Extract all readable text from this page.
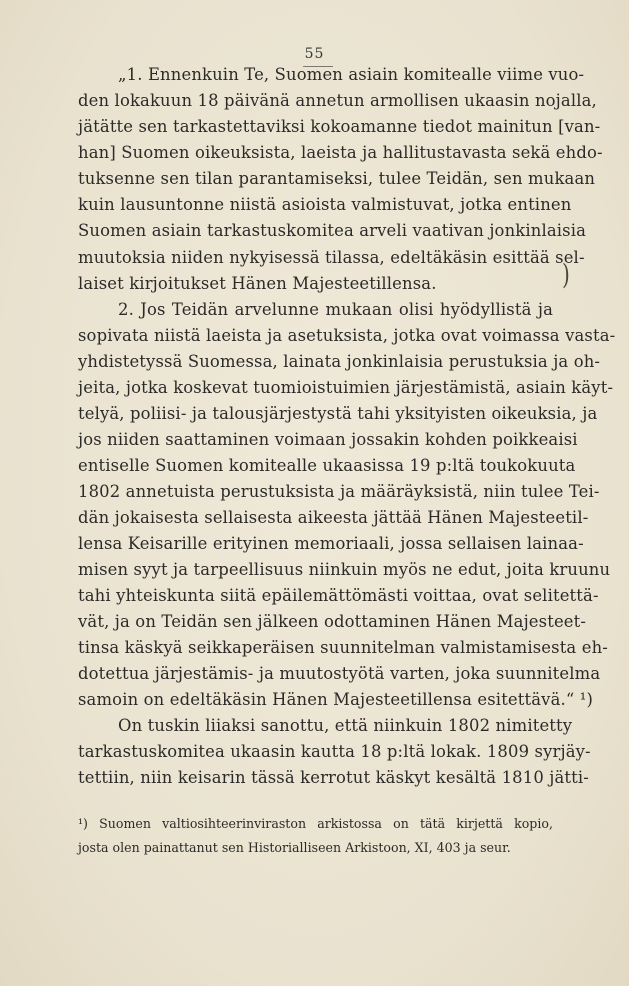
55
„1. Ennenkuin Te, Suomen asiain komitealle viime vuo-
den lokakuun 18 päivänä annetun armollisen ukaasin nojalla,
jätätte sen tarkastettaviksi kokoamanne tiedot mainitun [van-
han] Suomen oikeuksista, laeista ja hallitustavasta sekä ehdo-
tuksenne sen tilan parantamiseksi, tulee Teidän, sen mukaan
kuin lausuntonne niistä asioista valmistuvat, jotka entinen
Suomen asiain tarkastuskomitea arveli vaativan jonkinlaisia
muutoksia niiden nykyisessä tilassa, edeltäkäsin esittää sel-
laiset kirjoitukset Hänen Majesteetillensa.
2. Jos Teidän arvelunne mukaan olisi hyödyllistä ja
sopivata niistä laeista ja asetuksista, jotka ovat voimassa vasta-
yhdistetyssä Suomessa, lainata jonkinlaisia perustuksia ja oh-
jeita, jotka koskevat tuomioistuimien järjestämistä, asiain käyt-
telyä, poliisi- ja talousjärjestystä tahi yksityisten oikeuksia, ja
jos niiden saattaminen voimaan jossakin kohden poikkeaisi
entiselle Suomen komitealle ukaasissa 19 p:ltä toukokuuta
1802 annetuista perustuksista ja määräyksistä, niin tulee Tei-
dän jokaisesta sellaisesta aikeesta jättää Hänen Majesteetil-
lensa Keisarille erityinen memoriaali, jossa sellaisen lainaa-
misen syyt ja tarpeellisuus niinkuin myös ne edut, joita kruunu
tahi yhteiskunta siitä epäilemättömästi voittaa, ovat selitettä-
vät, ja on Teidän sen jälkeen odottaminen Hänen Majesteet-
tinsa käskyä seikkaperäisen suunnitelman valmistamisesta eh-
dotettua järjestämis- ja muutostyötä varten, joka suunnitelma
samoin on edeltäkäsin Hänen Majesteetillensa esitettävä.“ ¹)
On tuskin liiaksi sanottu, että niinkuin 1802 nimitetty
tarkastuskomitea ukaasin kautta 18 p:ltä lokak. 1809 syrjäy-
tettiin, niin keisarin tässä kerrotut käskyt kesältä 1810 jätti-
)
¹) Suomen valtiosihteerinviraston arkistossa on tätä kirjettä kopio,
josta olen painattanut sen Historialliseen Arkistoon, XI, 403 ja seur.
